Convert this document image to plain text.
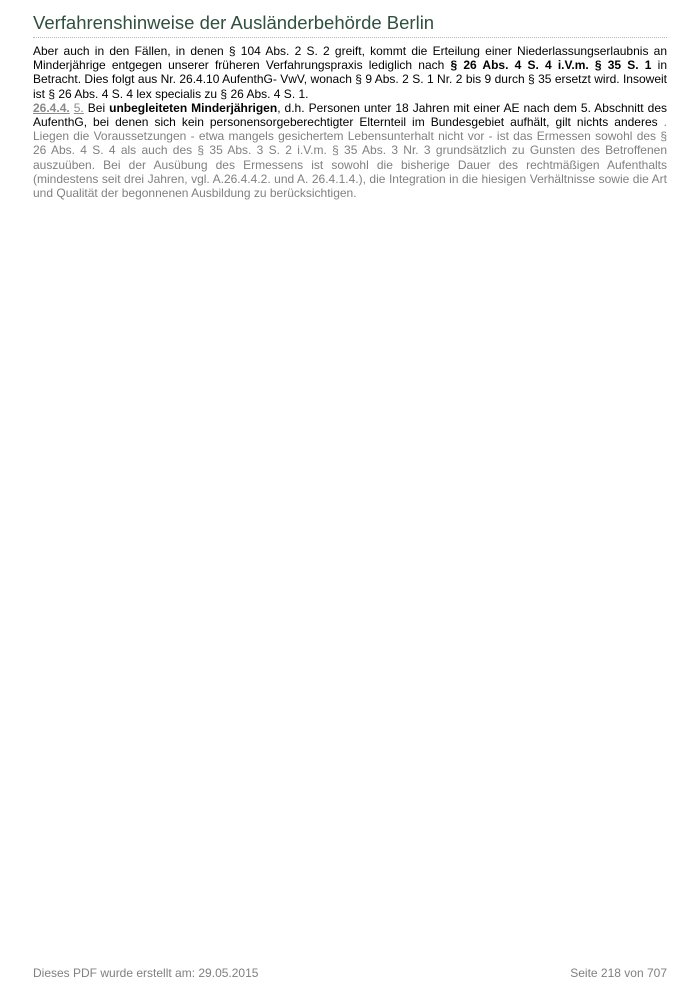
Verfahrenshinweise der Ausländerbehörde Berlin

Aber auch in den Fällen, in denen § 104 Abs. 2 S. 2 greift, kommt die Erteilung einer Niederlassungserlaubnis an Minderjährige entgegen unserer früheren Verfahrungspraxis lediglich nach § 26 Abs. 4 S. 4 i.V.m. § 35 S. 1 in Betracht. Dies folgt aus Nr. 26.4.10 AufenthG- VwV, wonach § 9 Abs. 2 S. 1 Nr. 2 bis 9 durch § 35 ersetzt wird. Insoweit ist § 26 Abs. 4 S. 4 lex specialis zu § 26 Abs. 4 S. 1.

26.4.4. 5. Bei unbegleiteten Minderjährigen, d.h. Personen unter 18 Jahren mit einer AE nach dem 5. Abschnitt des AufenthG, bei denen sich kein personensorgeberechtigter Elternteil im Bundesgebiet aufhält, gilt nichts anderes . Liegen die Voraussetzungen - etwa mangels gesichertem Lebensunterhalt nicht vor - ist das Ermessen sowohl des § 26 Abs. 4 S. 4 als auch des § 35 Abs. 3 S. 2 i.V.m. § 35 Abs. 3 Nr. 3 grundsätzlich zu Gunsten des Betroffenen auszuüben. Bei der Ausübung des Ermessens ist sowohl die bisherige Dauer des rechtmäßigen Aufenthalts (mindestens seit drei Jahren, vgl. A.26.4.4.2. und A. 26.4.1.4.), die Integration in die hiesigen Verhältnisse sowie die Art und Qualität der begonnenen Ausbildung zu berücksichtigen.

Dieses PDF wurde erstellt am: 29.05.2015	Seite 218 von 707
